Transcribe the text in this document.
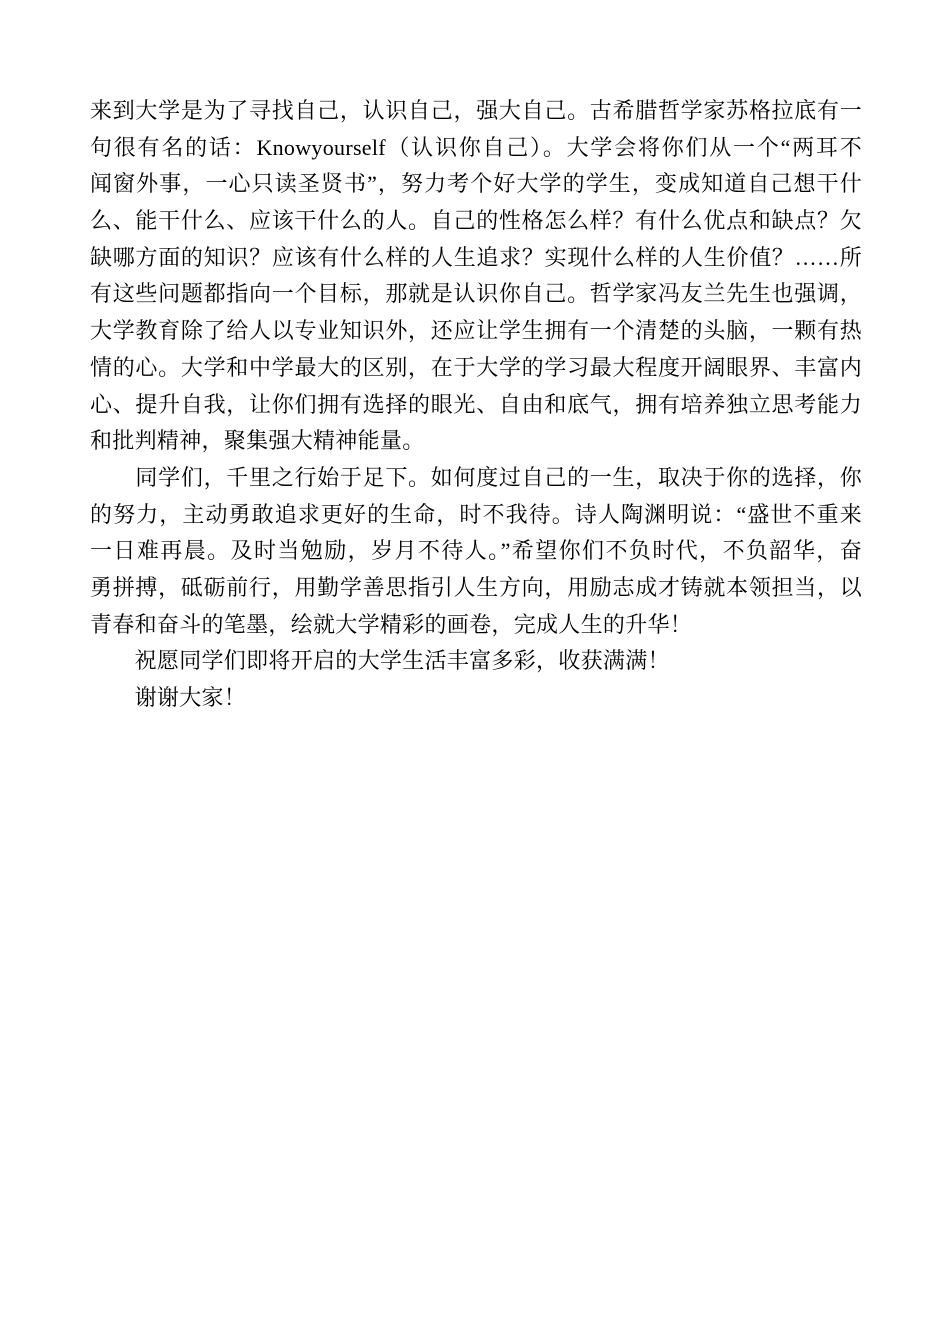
来到大学是为了寻找自己，认识自己，强大自己。古希腊哲学家苏格拉底有一
句很有名的话：Knowyourself（认识你自己）。大学会将你们从一个“两耳不
闻窗外事，一心只读圣贤书”，努力考个好大学的学生，变成知道自己想干什
么、能干什么、应该干什么的人。自己的性格怎么样？有什么优点和缺点？欠
缺哪方面的知识？应该有什么样的人生追求？实现什么样的人生价值？……所
有这些问题都指向一个目标，那就是认识你自己。哲学家冯友兰先生也强调，
大学教育除了给人以专业知识外，还应让学生拥有一个清楚的头脑，一颗有热
情的心。大学和中学最大的区别，在于大学的学习最大程度开阔眼界、丰富内
心、提升自我，让你们拥有选择的眼光、自由和底气，拥有培养独立思考能力
和批判精神，聚集强大精神能量。
　　同学们，千里之行始于足下。如何度过自己的一生，取决于你的选择，你
的努力，主动勇敢追求更好的生命，时不我待。诗人陶渊明说：“盛世不重来
一日难再晨。及时当勉励，岁月不待人。”希望你们不负时代，不负韶华，奋
勇拼搏，砥砺前行，用勤学善思指引人生方向，用励志成才铸就本领担当，以
青春和奋斗的笔墨，绘就大学精彩的画卷，完成人生的升华！
　　祝愿同学们即将开启的大学生活丰富多彩，收获满满！
　　谢谢大家！
